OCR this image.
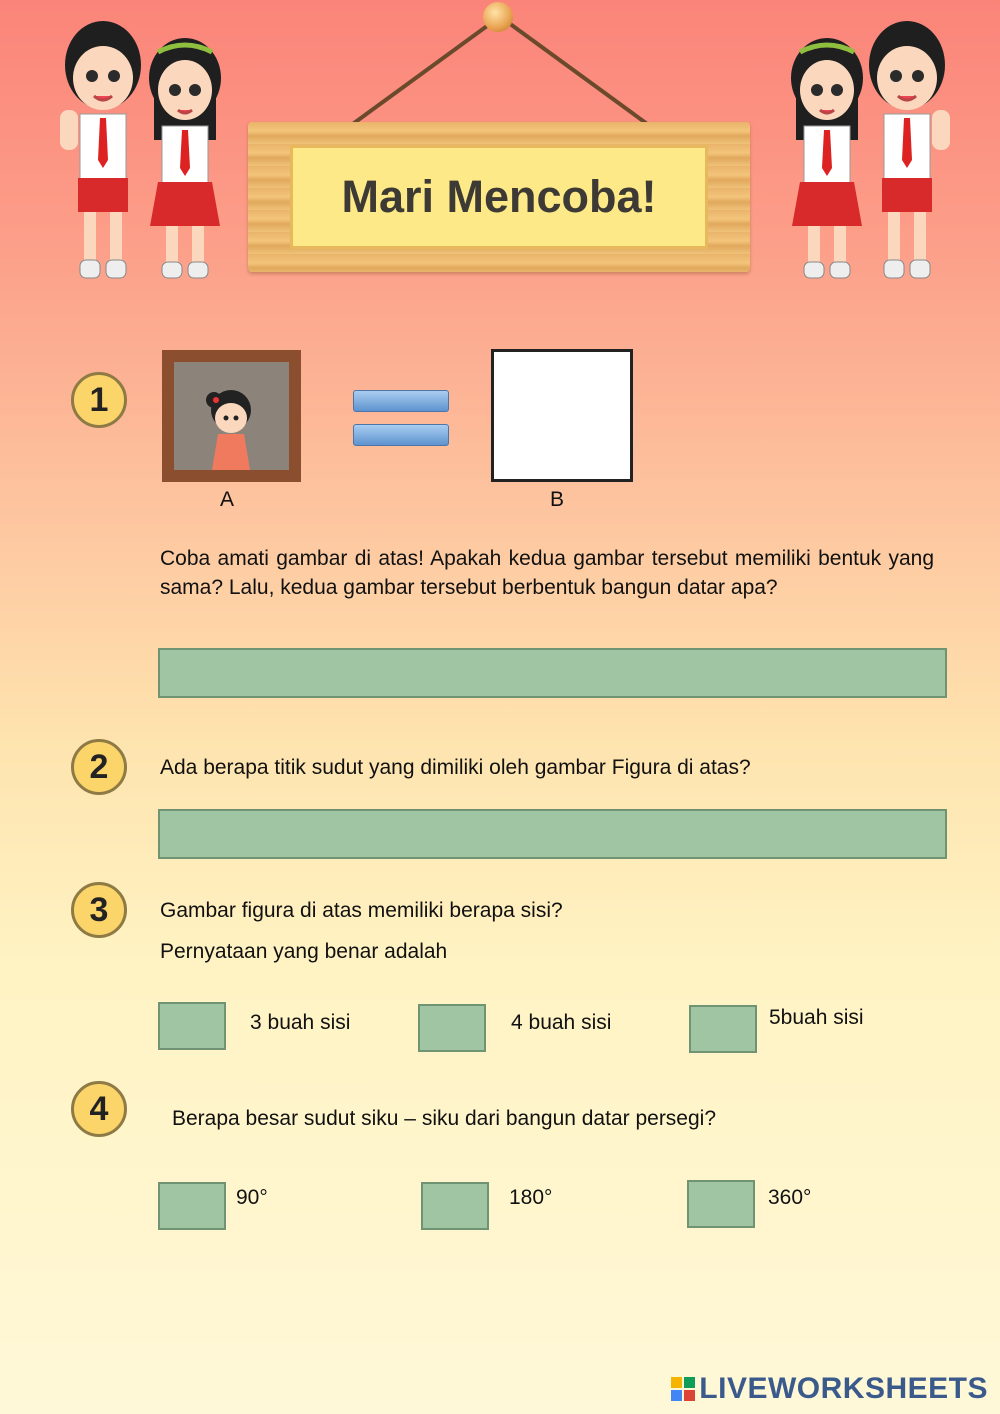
Mari Mencoba!
1
A	B
Coba amati gambar di atas! Apakah kedua gambar tersebut memiliki bentuk yang sama? Lalu, kedua gambar tersebut berbentuk bangun datar apa?
2	Ada berapa titik sudut yang dimiliki oleh gambar Figura di atas?
3	Gambar figura di atas memiliki berapa sisi?
Pernyataan yang benar adalah
3 buah sisi	4 buah sisi	5buah sisi
4	Berapa besar sudut siku – siku dari bangun datar persegi?
90°	180°	360°
LIVEWORKSHEETS
